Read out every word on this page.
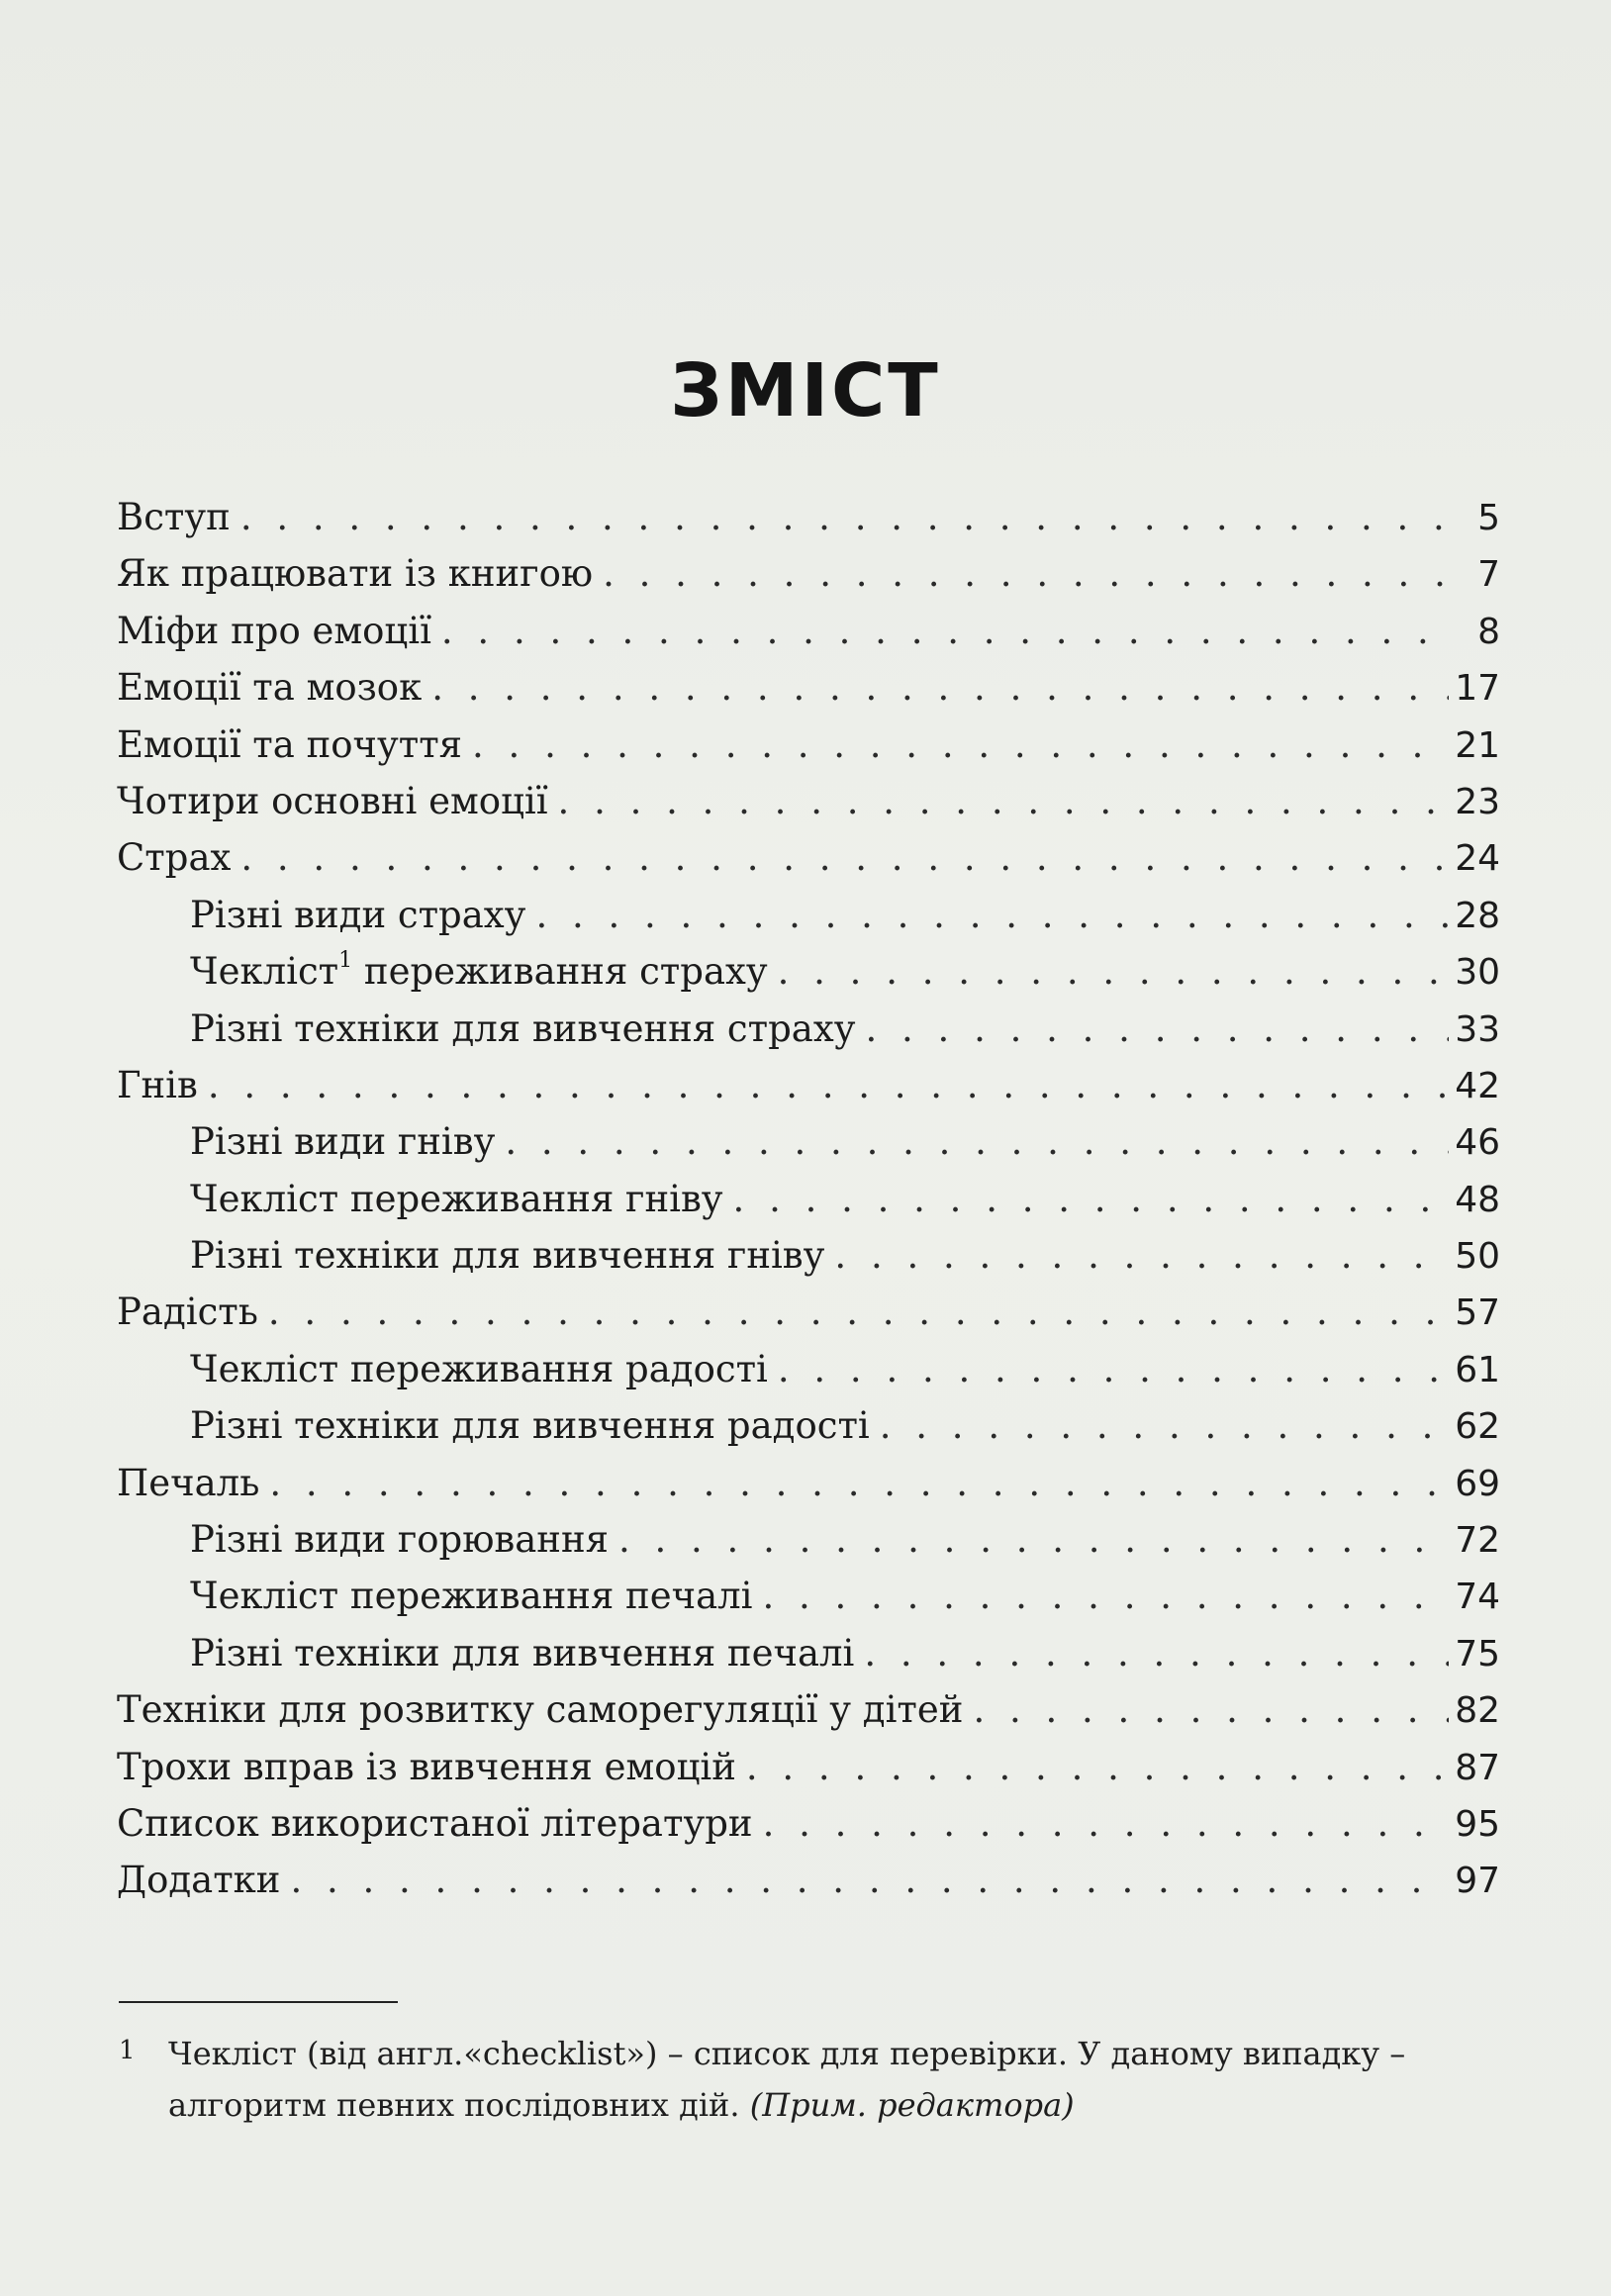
ЗМІСТ
Вступ . . .	5
Як працювати із книгою . . .	7
Міфи про емоції . . .	8
Емоції та мозок . . .	17
Емоції та почуття . . .	21
Чотири основні емоції . . .	23
Страх . . .	24
Різні види страху . . .	28
Чекліст$^1$ переживання страху . . .	30
Різні техніки для вивчення страху . . .	33
Гнів . . .	42
Різні види гніву . . .	46
Чекліст переживання гніву . . .	48
Різні техніки для вивчення гніву . . .	50
Радість . . .	57
Чекліст переживання радості . . .	61
Різні техніки для вивчення радості . . .	62
Печаль . . .	69
Різні види горювання . . .	72
Чекліст переживання печалі . . .	74
Різні техніки для вивчення печалі . . .	75
Техніки для розвитку саморегуляції у дітей . . .	82
Трохи вправ із вивчення емоцій . . .	87
Список використаної літератури . . .	95
Додатки . . .	97
1 Чекліст (від англ.«checklist») – список для перевірки. У даному випадку –
алгоритм певних послідовних дій. (Прим. редактора)
